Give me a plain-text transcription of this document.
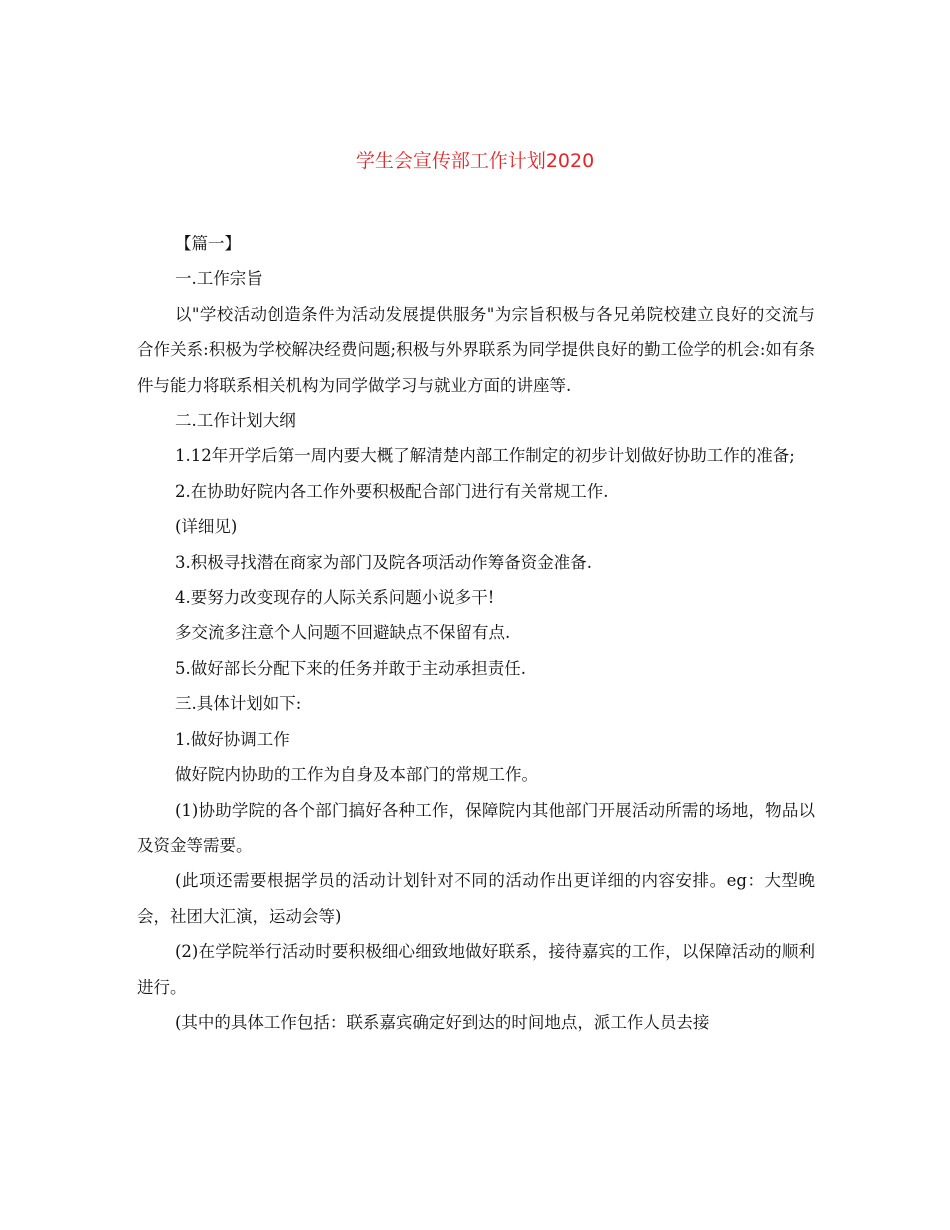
学生会宣传部工作计划2020

【篇一】

一.工作宗旨

以"学校活动创造条件为活动发展提供服务"为宗旨积极与各兄弟院校建立良好的交流与合作关系:积极为学校解决经费问题;积极与外界联系为同学提供良好的勤工俭学的机会:如有条件与能力将联系相关机构为同学做学习与就业方面的讲座等.

二.工作计划大纲

1.12年开学后第一周内要大概了解清楚内部工作制定的初步计划做好协助工作的准备;

2.在协助好院内各工作外要积极配合部门进行有关常规工作.

(详细见)

3.积极寻找潜在商家为部门及院各项活动作筹备资金准备.

4.要努力改变现存的人际关系问题小说多干!

多交流多注意个人问题不回避缺点不保留有点.

5.做好部长分配下来的任务并敢于主动承担责任.

三.具体计划如下:

1.做好协调工作

做好院内协助的工作为自身及本部门的常规工作。

(1)协助学院的各个部门搞好各种工作，保障院内其他部门开展活动所需的场地，物品以及资金等需要。

(此项还需要根据学员的活动计划针对不同的活动作出更详细的内容安排。eg：大型晚会，社团大汇演，运动会等)

(2)在学院举行活动时要积极细心细致地做好联系，接待嘉宾的工作，以保障活动的顺利进行。

(其中的具体工作包括：联系嘉宾确定好到达的时间地点，派工作人员去接
